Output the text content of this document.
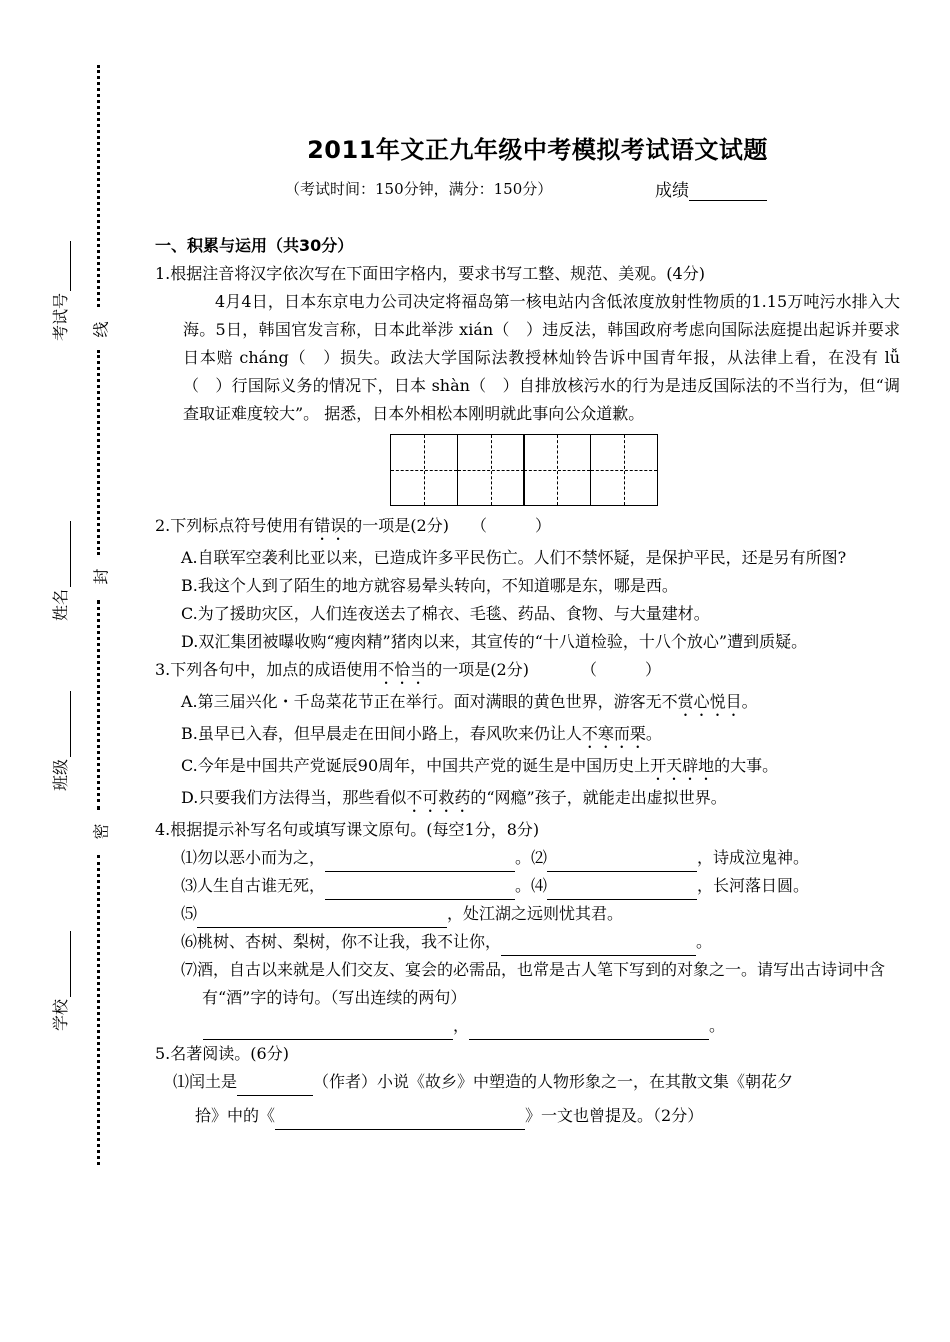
线
封
密
考试号
姓名
班级
学校
2011年文正九年级中考模拟考试语文试题
（考试时间：150分钟，满分：150分）	成绩
一、积累与运用（共30分）
1.根据注音将汉字依次写在下面田字格内，要求书写工整、规范、美观。(4分)
4月4日，日本东京电力公司决定将福岛第一核电站内含低浓度放射性物质的1.15万吨污水排入大海。5日，韩国官发言称，日本此举涉 xián（　）违反法，韩国政府考虑向国际法庭提出起诉并要求日本赔 cháng（　）损失。政法大学国际法教授林灿铃告诉中国青年报，从法律上看，在没有 lǚ（　）行国际义务的情况下，日本 shàn（　）自排放核污水的行为是违反国际法的不当行为，但“调查取证难度较大”。 据悉，日本外相松本刚明就此事向公众道歉。
2.下列标点符号使用有错误的一项是(2分) （　　　）
A.自联军空袭利比亚以来，已造成许多平民伤亡。人们不禁怀疑，是保护平民，还是另有所图?
B.我这个人到了陌生的地方就容易晕头转向，不知道哪是东，哪是西。
C.为了援助灾区，人们连夜送去了棉衣、毛毯、药品、食物、与大量建材。
D.双汇集团被曝收购“瘦肉精”猪肉以来，其宣传的“十八道检验，十八个放心”遭到质疑。
3.下列各句中，加点的成语使用不恰当的一项是(2分)	（　　　）
A.第三届兴化・千岛菜花节正在举行。面对满眼的黄色世界，游客无不赏心悦目。
B.虽早已入春，但早晨走在田间小路上，春风吹来仍让人不寒而栗。
C.今年是中国共产党诞辰90周年，中国共产党的诞生是中国历史上开天辟地的大事。
D.只要我们方法得当，那些看似不可救药的“网瘾”孩子，就能走出虚拟世界。
4.根据提示补写名句或填写课文原句。(每空1分，8分)
⑴勿以恶小而为之，	。⑵	，诗成泣鬼神。
⑶人生自古谁无死，	。⑷	，长河落日圆。
⑸	，处江湖之远则忧其君。
⑹桃树、杏树、梨树，你不让我，我不让你，	。
⑺酒，自古以来就是人们交友、宴会的必需品，也常是古人笔下写到的对象之一。请写出古诗词中含有“酒”字的诗句。（写出连续的两句）
，	。
5.名著阅读。(6分)
⑴闰土是	（作者）小说《故乡》中塑造的人物形象之一，在其散文集《朝花夕
拾》中的《	》一文也曾提及。（2分）
